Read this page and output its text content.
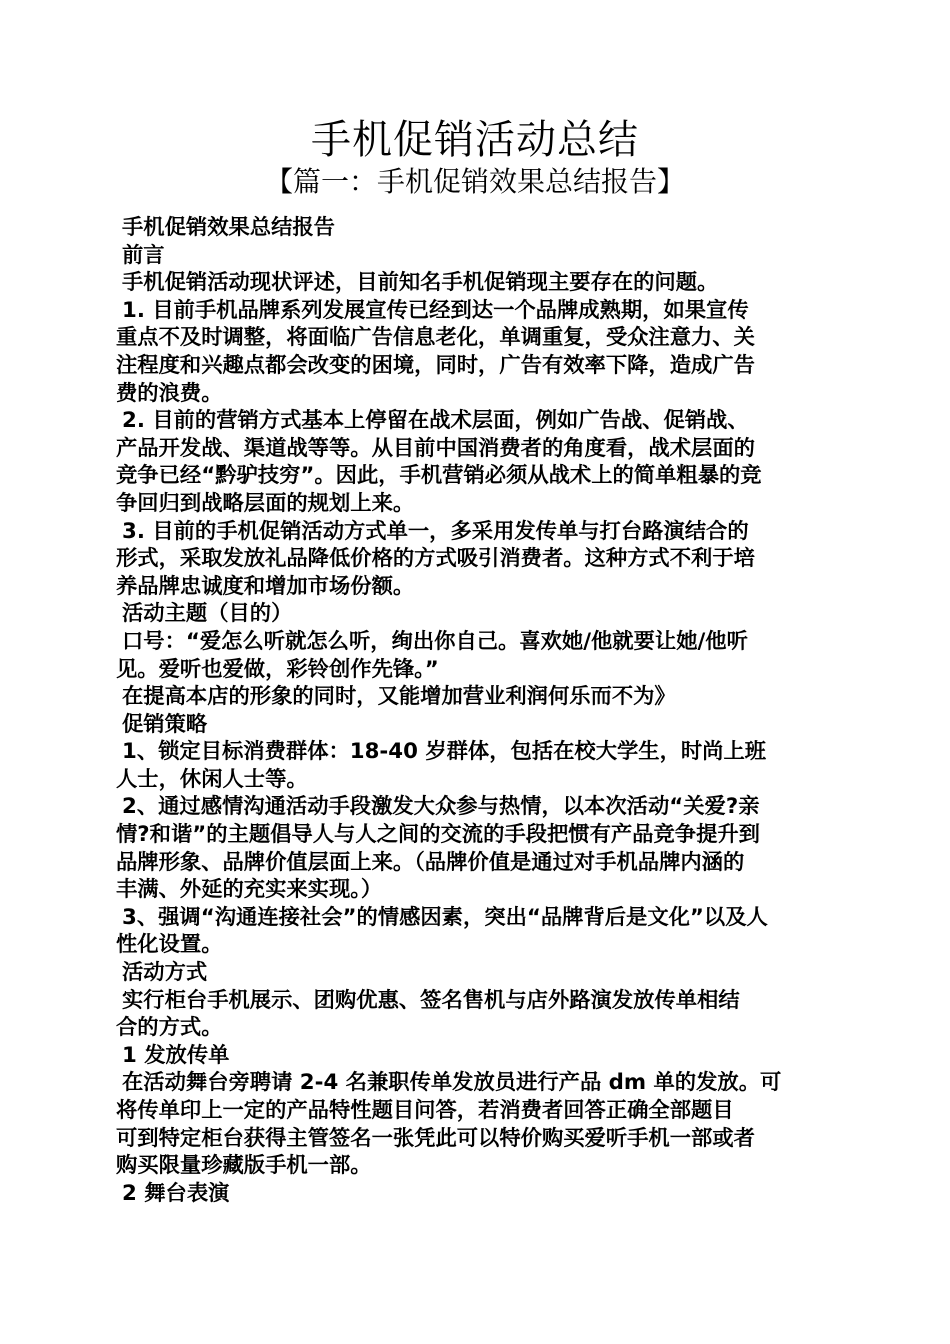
手机促销活动总结
【篇一：手机促销效果总结报告】

手机促销效果总结报告

前言

手机促销活动现状评述，目前知名手机促销现主要存在的问题。

1. 目前手机品牌系列发展宣传已经到达一个品牌成熟期，如果宣传

重点不及时调整，将面临广告信息老化，单调重复，受众注意力、关

注程度和兴趣点都会改变的困境，同时，广告有效率下降，造成广告

费的浪费。

2. 目前的营销方式基本上停留在战术层面，例如广告战、促销战、

产品开发战、渠道战等等。从目前中国消费者的角度看，战术层面的

竞争已经“黔驴技穷”。因此，手机营销必须从战术上的简单粗暴的竞

争回归到战略层面的规划上来。

3. 目前的手机促销活动方式单一，多采用发传单与打台路演结合的

形式，采取发放礼品降低价格的方式吸引消费者。这种方式不利于培

养品牌忠诚度和增加市场份额。

活动主题（目的）

口号：“爱怎么听就怎么听，绚出你自己。喜欢她/他就要让她/他听

见。爱听也爱做，彩铃创作先锋。”

在提高本店的形象的同时，又能增加营业利润何乐而不为》

促销策略

1、锁定目标消费群体：18-40 岁群体，包括在校大学生，时尚上班

人士，休闲人士等。

2、通过感情沟通活动手段激发大众参与热情，以本次活动“关爱?亲

情?和谐”的主题倡导人与人之间的交流的手段把惯有产品竞争提升到

品牌形象、品牌价值层面上来。（品牌价值是通过对手机品牌内涵的

丰满、外延的充实来实现。）

3、强调“沟通连接社会”的情感因素，突出“品牌背后是文化”以及人

性化设置。

活动方式

实行柜台手机展示、团购优惠、签名售机与店外路演发放传单相结

合的方式。

1 发放传单

在活动舞台旁聘请 2-4 名兼职传单发放员进行产品 dm 单的发放。可

将传单印上一定的产品特性题目问答，若消费者回答正确全部题目

可到特定柜台获得主管签名一张凭此可以特价购买爱听手机一部或者

购买限量珍藏版手机一部。

2 舞台表演
